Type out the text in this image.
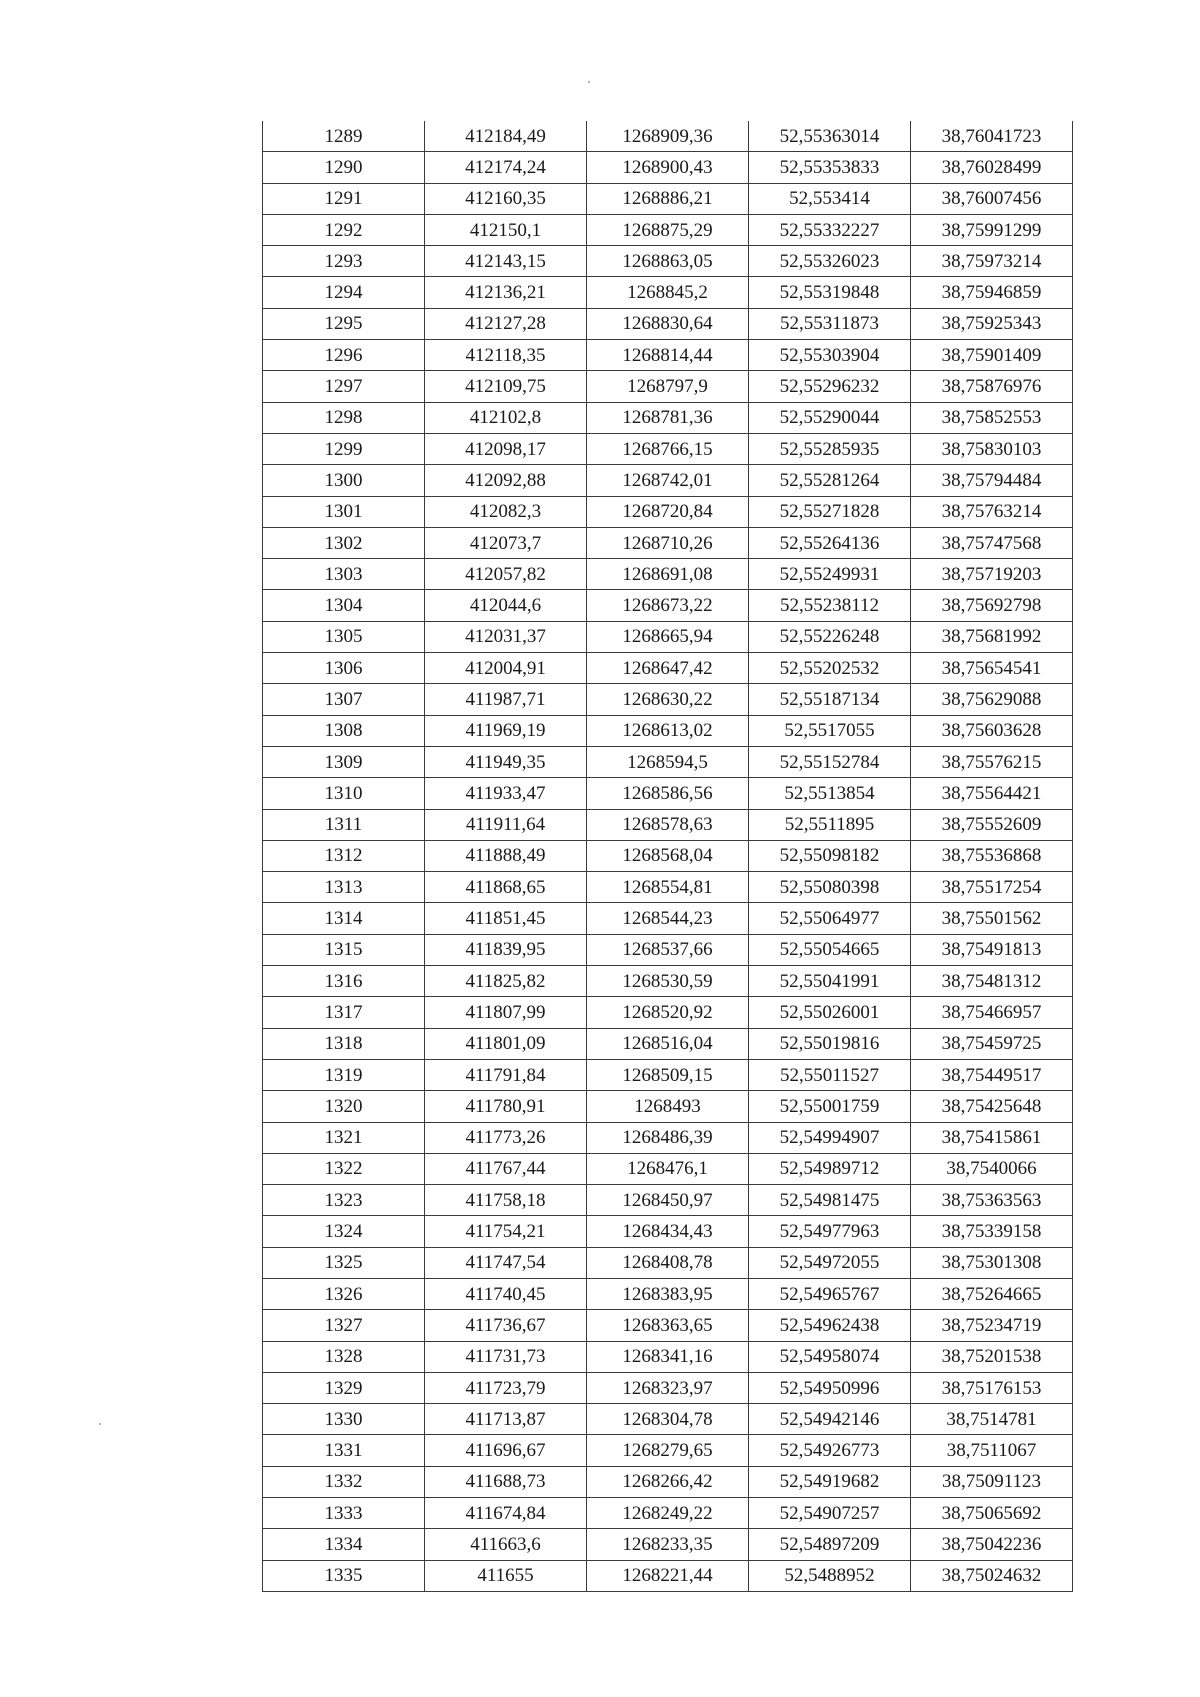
1289	412184,49	1268909,36	52,55363014	38,76041723
1290	412174,24	1268900,43	52,55353833	38,76028499
1291	412160,35	1268886,21	52,553414	38,76007456
1292	412150,1	1268875,29	52,55332227	38,75991299
1293	412143,15	1268863,05	52,55326023	38,75973214
1294	412136,21	1268845,2	52,55319848	38,75946859
1295	412127,28	1268830,64	52,55311873	38,75925343
1296	412118,35	1268814,44	52,55303904	38,75901409
1297	412109,75	1268797,9	52,55296232	38,75876976
1298	412102,8	1268781,36	52,55290044	38,75852553
1299	412098,17	1268766,15	52,55285935	38,75830103
1300	412092,88	1268742,01	52,55281264	38,75794484
1301	412082,3	1268720,84	52,55271828	38,75763214
1302	412073,7	1268710,26	52,55264136	38,75747568
1303	412057,82	1268691,08	52,55249931	38,75719203
1304	412044,6	1268673,22	52,55238112	38,75692798
1305	412031,37	1268665,94	52,55226248	38,75681992
1306	412004,91	1268647,42	52,55202532	38,75654541
1307	411987,71	1268630,22	52,55187134	38,75629088
1308	411969,19	1268613,02	52,5517055	38,75603628
1309	411949,35	1268594,5	52,55152784	38,75576215
1310	411933,47	1268586,56	52,5513854	38,75564421
1311	411911,64	1268578,63	52,5511895	38,75552609
1312	411888,49	1268568,04	52,55098182	38,75536868
1313	411868,65	1268554,81	52,55080398	38,75517254
1314	411851,45	1268544,23	52,55064977	38,75501562
1315	411839,95	1268537,66	52,55054665	38,75491813
1316	411825,82	1268530,59	52,55041991	38,75481312
1317	411807,99	1268520,92	52,55026001	38,75466957
1318	411801,09	1268516,04	52,55019816	38,75459725
1319	411791,84	1268509,15	52,55011527	38,75449517
1320	411780,91	1268493	52,55001759	38,75425648
1321	411773,26	1268486,39	52,54994907	38,75415861
1322	411767,44	1268476,1	52,54989712	38,7540066
1323	411758,18	1268450,97	52,54981475	38,75363563
1324	411754,21	1268434,43	52,54977963	38,75339158
1325	411747,54	1268408,78	52,54972055	38,75301308
1326	411740,45	1268383,95	52,54965767	38,75264665
1327	411736,67	1268363,65	52,54962438	38,75234719
1328	411731,73	1268341,16	52,54958074	38,75201538
1329	411723,79	1268323,97	52,54950996	38,75176153
1330	411713,87	1268304,78	52,54942146	38,7514781
1331	411696,67	1268279,65	52,54926773	38,7511067
1332	411688,73	1268266,42	52,54919682	38,75091123
1333	411674,84	1268249,22	52,54907257	38,75065692
1334	411663,6	1268233,35	52,54897209	38,75042236
1335	411655	1268221,44	52,5488952	38,75024632
